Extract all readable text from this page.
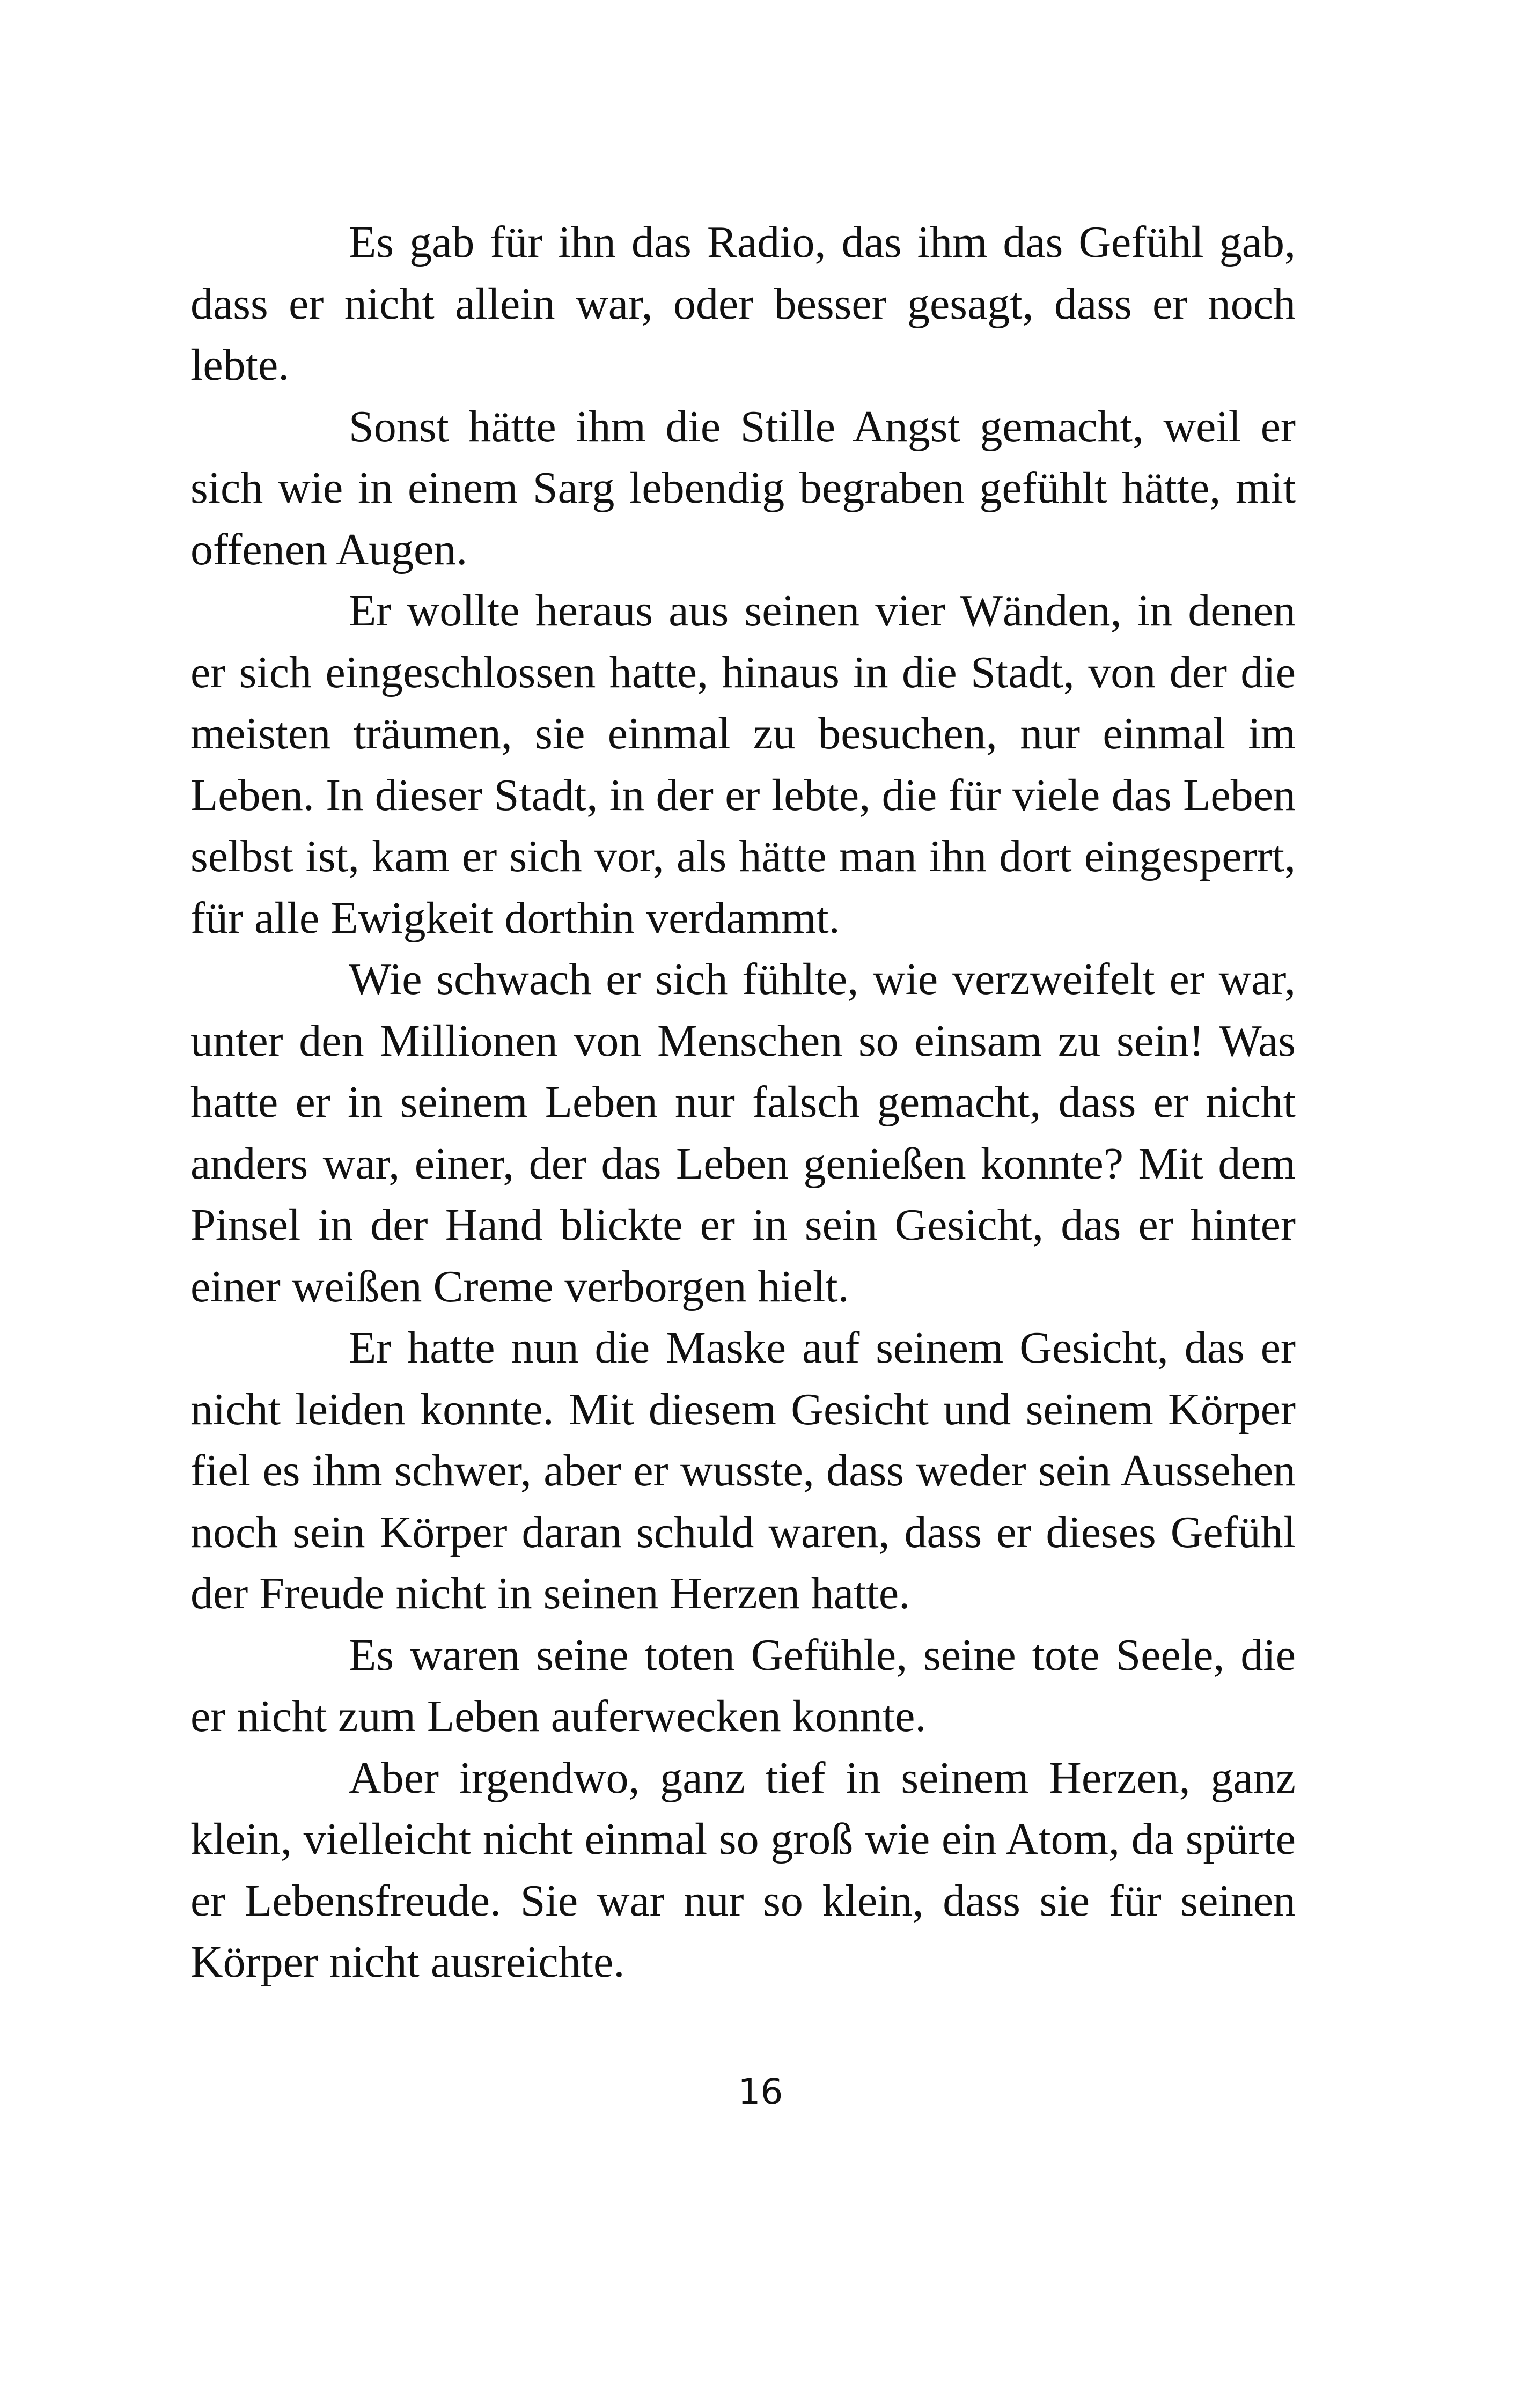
Es gab für ihn das Radio, das ihm das Gefühl gab, dass er nicht allein war, oder besser gesagt, dass er noch lebte.

Sonst hätte ihm die Stille Angst gemacht, weil er sich wie in einem Sarg lebendig begraben gefühlt hätte, mit offenen Augen.

Er wollte heraus aus seinen vier Wänden, in denen er sich eingeschlossen hatte, hinaus in die Stadt, von der die meisten träumen, sie einmal zu besuchen, nur einmal im Leben. In dieser Stadt, in der er lebte, die für viele das Leben selbst ist, kam er sich vor, als hätte man ihn dort eingesperrt, für alle Ewigkeit dorthin verdammt.

Wie schwach er sich fühlte, wie verzweifelt er war, unter den Millionen von Menschen so einsam zu sein! Was hatte er in seinem Leben nur falsch gemacht, dass er nicht anders war, einer, der das Leben genießen konnte? Mit dem Pinsel in der Hand blickte er in sein Gesicht, das er hinter einer weißen Creme verborgen hielt.

Er hatte nun die Maske auf seinem Gesicht, das er nicht leiden konnte. Mit diesem Gesicht und seinem Körper fiel es ihm schwer, aber er wusste, dass weder sein Aussehen noch sein Körper daran schuld waren, dass er dieses Gefühl der Freude nicht in seinen Herzen hatte.

Es waren seine toten Gefühle, seine tote Seele, die er nicht zum Leben auferwecken konnte.

Aber irgendwo, ganz tief in seinem Herzen, ganz klein, vielleicht nicht einmal so groß wie ein Atom, da spürte er Lebensfreude. Sie war nur so klein, dass sie für seinen Körper nicht ausreichte.

16
